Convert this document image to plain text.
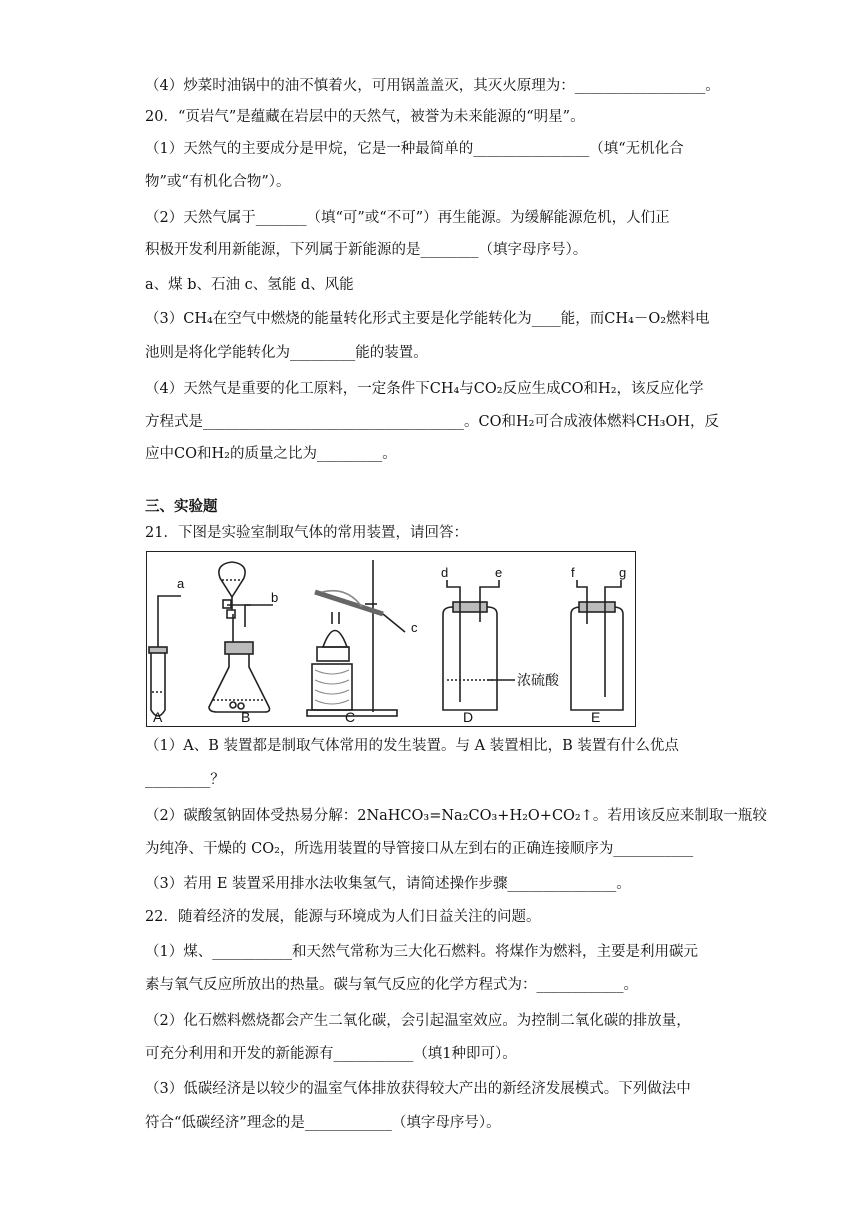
（4）炒菜时油锅中的油不慎着火，可用锅盖盖灭，其灭火原理为：__________________。
20．“页岩气”是蕴藏在岩层中的天然气，被誉为未来能源的“明星”。
（1）天然气的主要成分是甲烷，它是一种最简单的________________（填“无机化合
物”或“有机化合物”）。
（2）天然气属于_______（填“可”或“不可”）再生能源。为缓解能源危机，人们正
积极开发利用新能源，下列属于新能源的是________（填字母序号）。
a、煤 b、石油 c、氢能 d、风能
（3）CH₄在空气中燃烧的能量转化形式主要是化学能转化为____能，而CH₄－O₂燃料电
池则是将化学能转化为_________能的装置。
（4）天然气是重要的化工原料，一定条件下CH₄与CO₂反应生成CO和H₂，该反应化学
方程式是____________________________________。CO和H₂可合成液体燃料CH₃OH，反
应中CO和H₂的质量之比为_________。
三、实验题
21．下图是实验室制取气体的常用装置，请回答：
A	B	C	D	E
a
b
c
d	e	f	g
浓硫酸
（1）A、B 装置都是制取气体常用的发生装置。与 A 装置相比，B 装置有什么优点
_________？
（2）碳酸氢钠固体受热易分解：2NaHCO₃=Na₂CO₃+H₂O+CO₂↑。若用该反应来制取一瓶较
为纯净、干燥的 CO₂，所选用装置的导管接口从左到右的正确连接顺序为___________
（3）若用 E 装置采用排水法收集氢气，请简述操作步骤_______________。
22．随着经济的发展，能源与环境成为人们日益关注的问题。
（1）煤、___________和天然气常称为三大化石燃料。将煤作为燃料，主要是利用碳元
素与氧气反应所放出的热量。碳与氧气反应的化学方程式为：____________。
（2）化石燃料燃烧都会产生二氧化碳，会引起温室效应。为控制二氧化碳的排放量，
可充分利用和开发的新能源有___________（填1种即可）。
（3）低碳经济是以较少的温室气体排放获得较大产出的新经济发展模式。下列做法中
符合“低碳经济”理念的是____________（填字母序号）。
